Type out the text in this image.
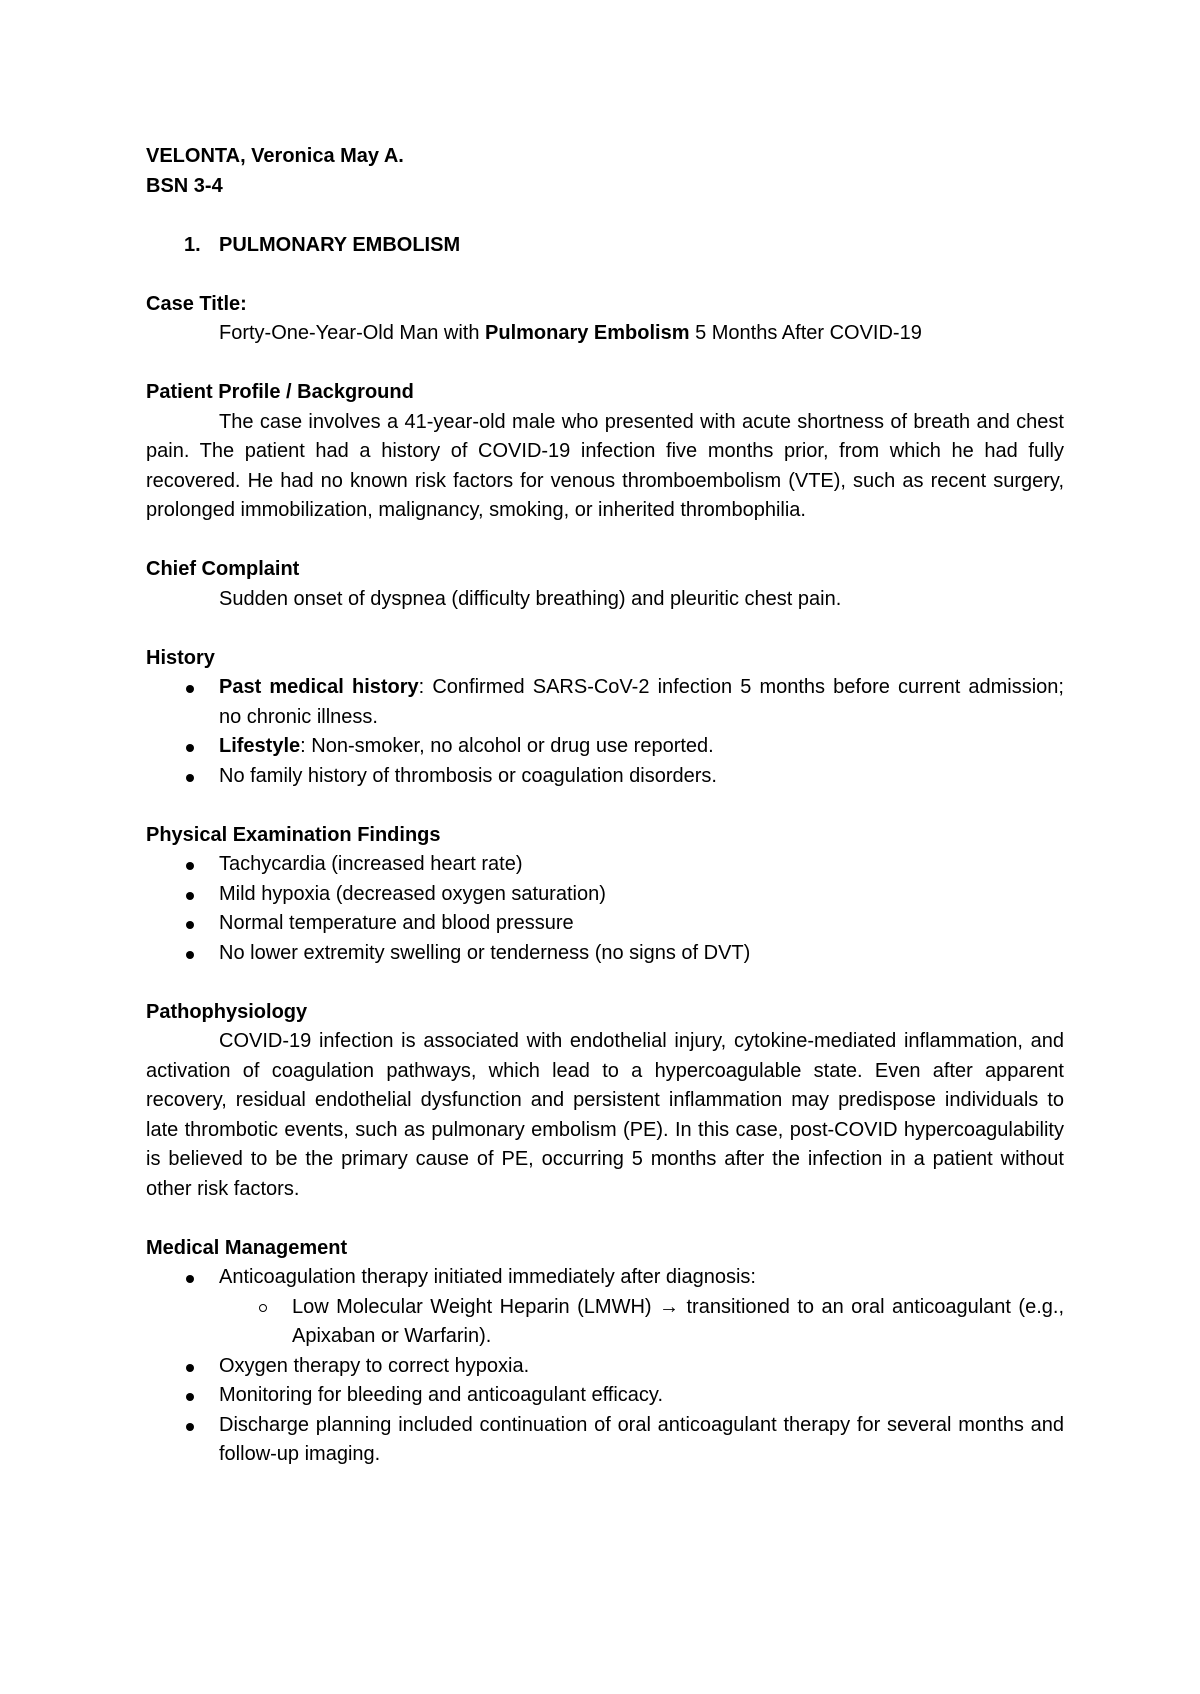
VELONTA, Veronica May A.
BSN 3-4
1. PULMONARY EMBOLISM
Case Title:
Forty-One-Year-Old Man with Pulmonary Embolism 5 Months After COVID-19
Patient Profile / Background
The case involves a 41-year-old male who presented with acute shortness of breath and chest pain. The patient had a history of COVID-19 infection five months prior, from which he had fully recovered. He had no known risk factors for venous thromboembolism (VTE), such as recent surgery, prolonged immobilization, malignancy, smoking, or inherited thrombophilia.
Chief Complaint
Sudden onset of dyspnea (difficulty breathing) and pleuritic chest pain.
History
Past medical history: Confirmed SARS-CoV-2 infection 5 months before current admission; no chronic illness.
Lifestyle: Non-smoker, no alcohol or drug use reported.
No family history of thrombosis or coagulation disorders.
Physical Examination Findings
Tachycardia (increased heart rate)
Mild hypoxia (decreased oxygen saturation)
Normal temperature and blood pressure
No lower extremity swelling or tenderness (no signs of DVT)
Pathophysiology
COVID-19 infection is associated with endothelial injury, cytokine-mediated inflammation, and activation of coagulation pathways, which lead to a hypercoagulable state. Even after apparent recovery, residual endothelial dysfunction and persistent inflammation may predispose individuals to late thrombotic events, such as pulmonary embolism (PE). In this case, post-COVID hypercoagulability is believed to be the primary cause of PE, occurring 5 months after the infection in a patient without other risk factors.
Medical Management
Anticoagulation therapy initiated immediately after diagnosis:
Low Molecular Weight Heparin (LMWH) → transitioned to an oral anticoagulant (e.g., Apixaban or Warfarin).
Oxygen therapy to correct hypoxia.
Monitoring for bleeding and anticoagulant efficacy.
Discharge planning included continuation of oral anticoagulant therapy for several months and follow-up imaging.
